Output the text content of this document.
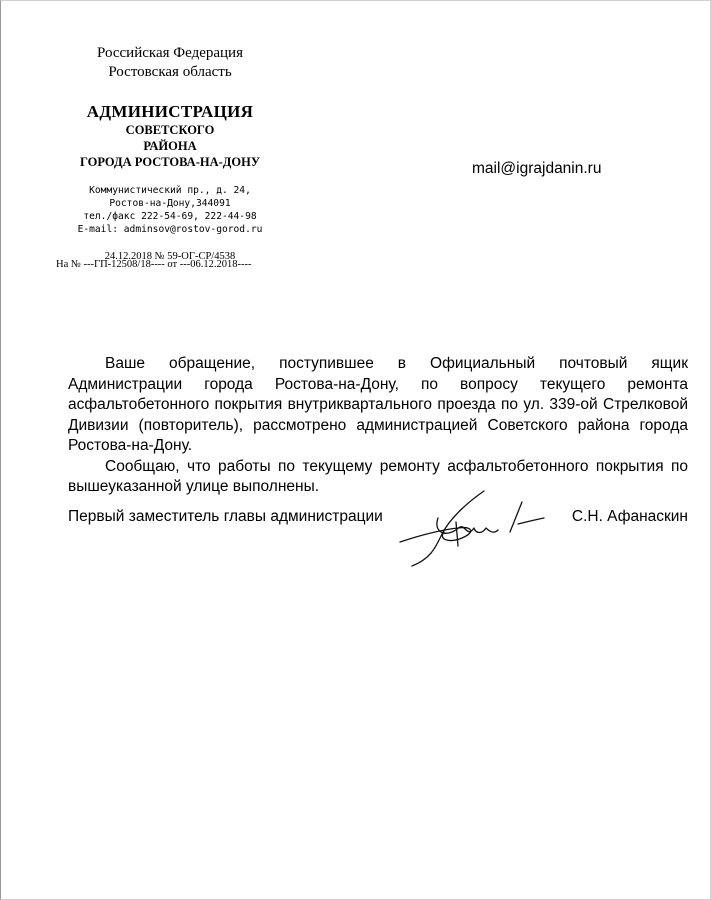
Российская Федерация
Ростовская область
АДМИНИСТРАЦИЯ
СОВЕТСКОГО
РАЙОНА
ГОРОДА РОСТОВА-НА-ДОНУ
Коммунистический пр., д. 24,
Ростов-на-Дону,344091
тел./факс 222-54-69, 222-44-98
E-mail: adminsov@rostov-gorod.ru
24.12.2018 № 59-ОГ-СР/4538
На № ---ГП-12508/18---- от ---06.12.2018----
mail@igrajdanin.ru

Ваше обращение, поступившее в Официальный почтовый ящик Администрации города Ростова-на-Дону, по вопросу текущего ремонта асфальтобетонного покрытия внутриквартального проезда по ул. 339-ой Стрелковой Дивизии (повторитель), рассмотрено администрацией Советского района города Ростова-на-Дону.

Сообщаю, что работы по текущему ремонту асфальтобетонного покрытия по вышеуказанной улице выполнены.

Первый заместитель главы администрации	С.Н. Афанаскин
